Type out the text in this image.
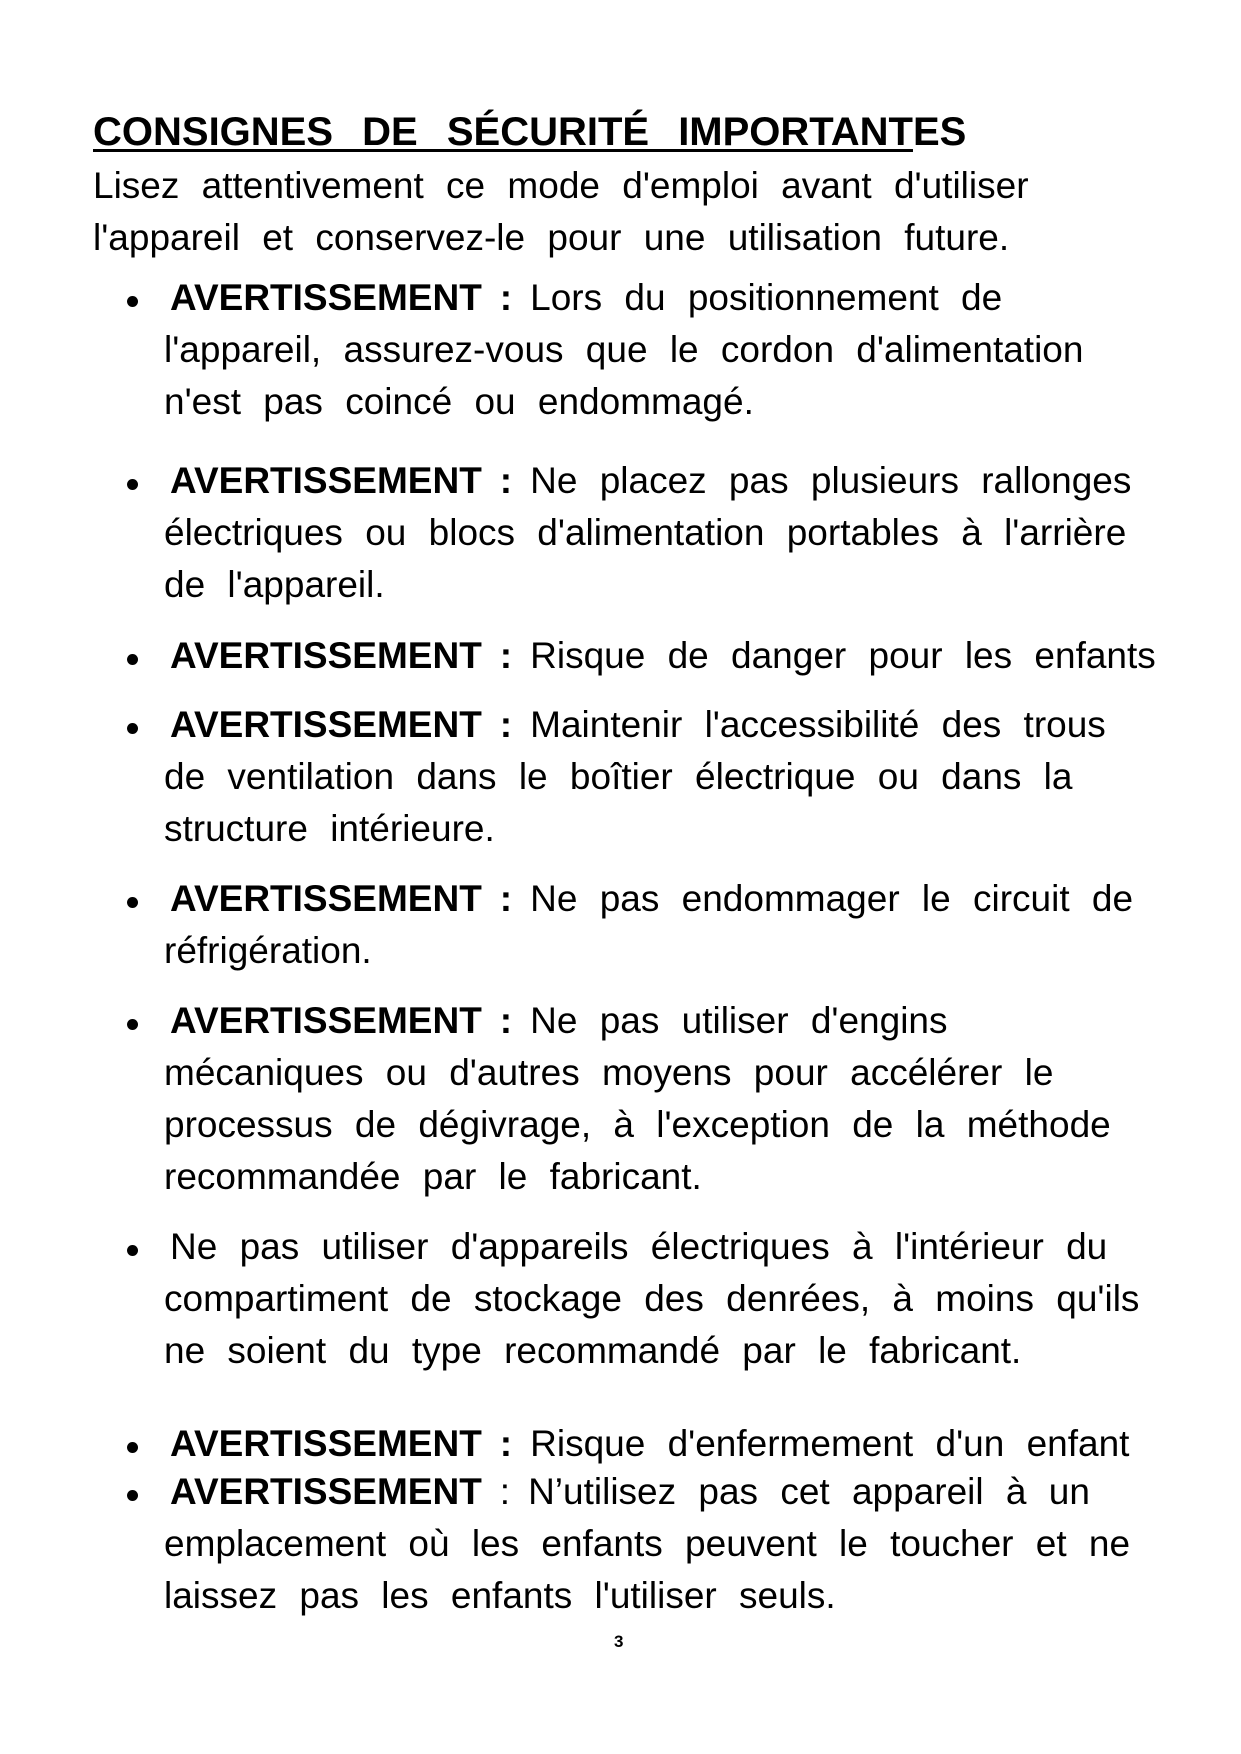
CONSIGNES DE SÉCURITÉ IMPORTANTES
Lisez attentivement ce mode d'emploi avant d'utiliser
l'appareil et conservez-le pour une utilisation future.
AVERTISSEMENT : Lors du positionnement de
l'appareil, assurez-vous que le cordon d'alimentation
n'est pas coincé ou endommagé.
AVERTISSEMENT : Ne placez pas plusieurs rallonges
électriques ou blocs d'alimentation portables à l'arrière
de l'appareil.
AVERTISSEMENT : Risque de danger pour les enfants
AVERTISSEMENT : Maintenir l'accessibilité des trous
de ventilation dans le boîtier électrique ou dans la
structure intérieure.
AVERTISSEMENT : Ne pas endommager le circuit de
réfrigération.
AVERTISSEMENT : Ne pas utiliser d'engins
mécaniques ou d'autres moyens pour accélérer le
processus de dégivrage, à l'exception de la méthode
recommandée par le fabricant.
Ne pas utiliser d'appareils électriques à l'intérieur du
compartiment de stockage des denrées, à moins qu'ils
ne soient du type recommandé par le fabricant.
AVERTISSEMENT : Risque d'enfermement d'un enfant
AVERTISSEMENT : N’utilisez pas cet appareil à un
emplacement où les enfants peuvent le toucher et ne
laissez pas les enfants l'utiliser seuls.
3
